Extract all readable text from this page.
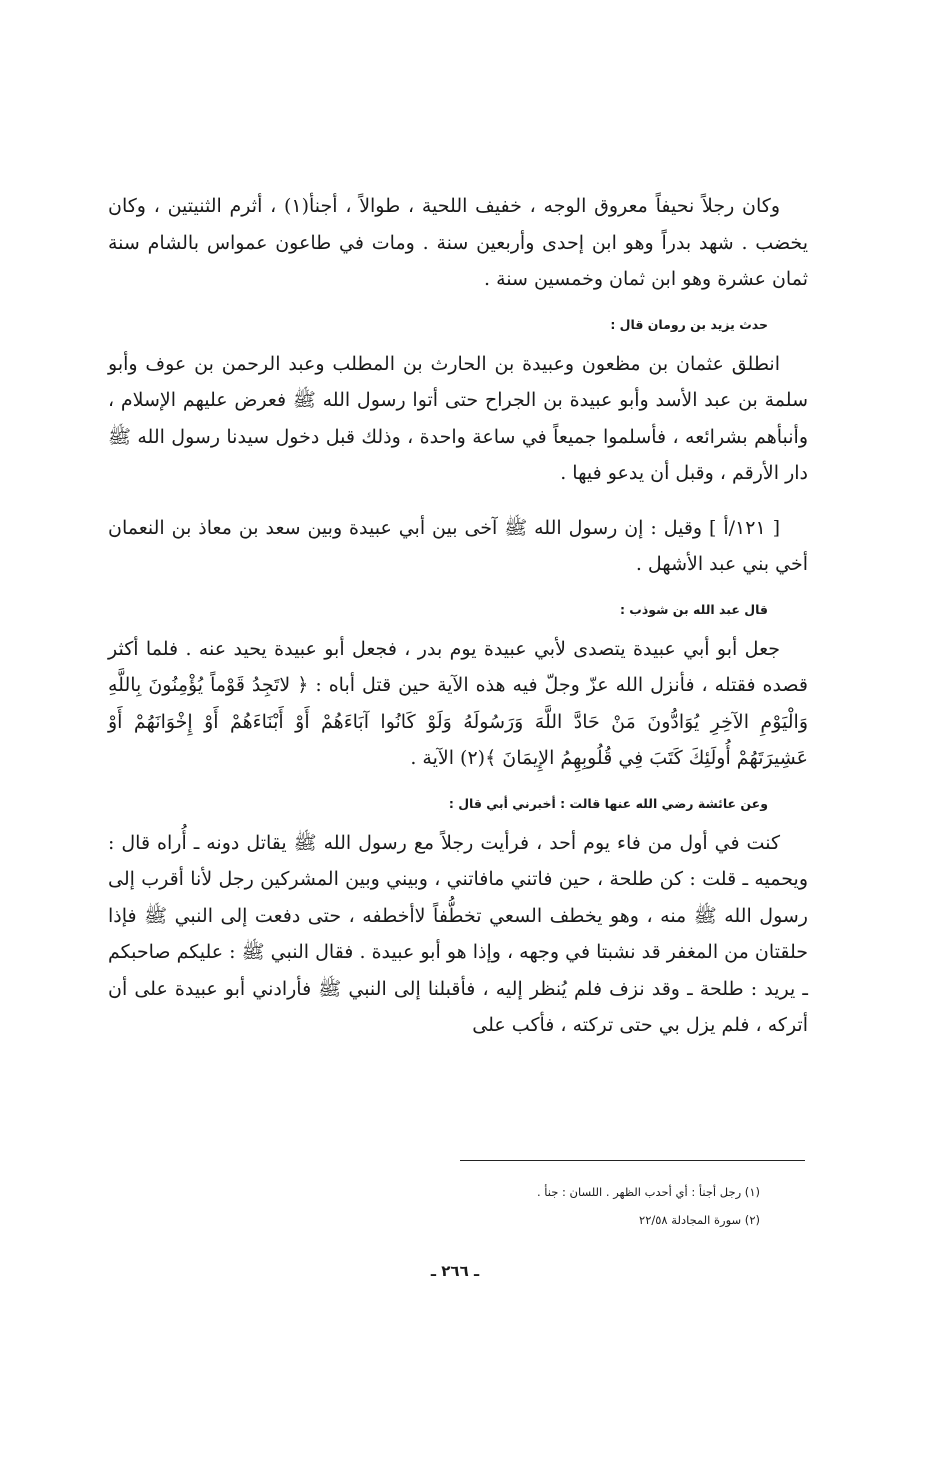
وكان رجلاً نحيفاً معروق الوجه ، خفيف اللحية ، طوالاً ، أجنأ(١) ، أثرم الثنيتين ، وكان يخضب . شهد بدراً وهو ابن إحدى وأربعين سنة . ومات في طاعون عمواس بالشام سنة ثمان عشرة وهو ابن ثمان وخمسين سنة .

حدث يزيد بن رومان قال :

انطلق عثمان بن مظعون وعبيدة بن الحارث بن المطلب وعبد الرحمن بن عوف وأبو سلمة بن عبد الأسد وأبو عبيدة بن الجراح حتى أتوا رسول الله ﷺ فعرض عليهم الإسلام ، وأنبأهم بشرائعه ، فأسلموا جميعاً في ساعة واحدة ، وذلك قبل دخول سيدنا رسول الله ﷺ دار الأرقم ، وقبل أن يدعو فيها .

[ ١٢١/أ ] وقيل : إن رسول الله ﷺ آخى بين أبي عبيدة وبين سعد بن معاذ بن النعمان أخي بني عبد الأشهل .

قال عبد الله بن شوذب :

جعل أبو أبي عبيدة يتصدى لأبي عبيدة يوم بدر ، فجعل أبو عبيدة يحيد عنه . فلما أكثر قصده فقتله ، فأنزل الله عزّ وجلّ فيه هذه الآية حين قتل أباه : ﴿ لاتَجِدُ قَوْماً يُؤْمِنُونَ بِاللَّهِ وَالْيَوْمِ الآخِرِ يُوَادُّونَ مَنْ حَادَّ اللَّهَ وَرَسُولَهُ وَلَوْ كَانُوا آبَاءَهُمْ أَوْ أَبْنَاءَهُمْ أَوْ إِخْوَانَهُمْ أَوْ عَشِيرَتَهُمْ أُولَئِكَ كَتَبَ فِي قُلُوبِهِمُ الإِيمَانَ ﴾(٢) الآية .

وعن عائشة رضي الله عنها قالت : أخبرني أبي قال :

كنت في أول من فاء يوم أحد ، فرأيت رجلاً مع رسول الله ﷺ يقاتل دونه ـ أُراه قال : ويحميه ـ قلت : كن طلحة ، حين فاتني مافاتني ، وبيني وبين المشركين رجل لأنا أقرب إلى رسول الله ﷺ منه ، وهو يخطف السعي تخطُّفاً لاأخطفه ، حتى دفعت إلى النبي ﷺ فإذا حلقتان من المغفر قد نشبتا في وجهه ، وإذا هو أبو عبيدة . فقال النبي ﷺ : عليكم صاحبكم ـ يريد : طلحة ـ وقد نزف فلم يُنظر إليه ، فأقبلنا إلى النبي ﷺ فأرادني أبو عبيدة على أن أتركه ، فلم يزل بي حتى تركته ، فأكب على

(١) رجل أجنأ : أي أحدب الظهر . اللسان : جنأ .

(٢) سورة المجادلة ٢٢/٥٨

ـ ٢٦٦ ـ
